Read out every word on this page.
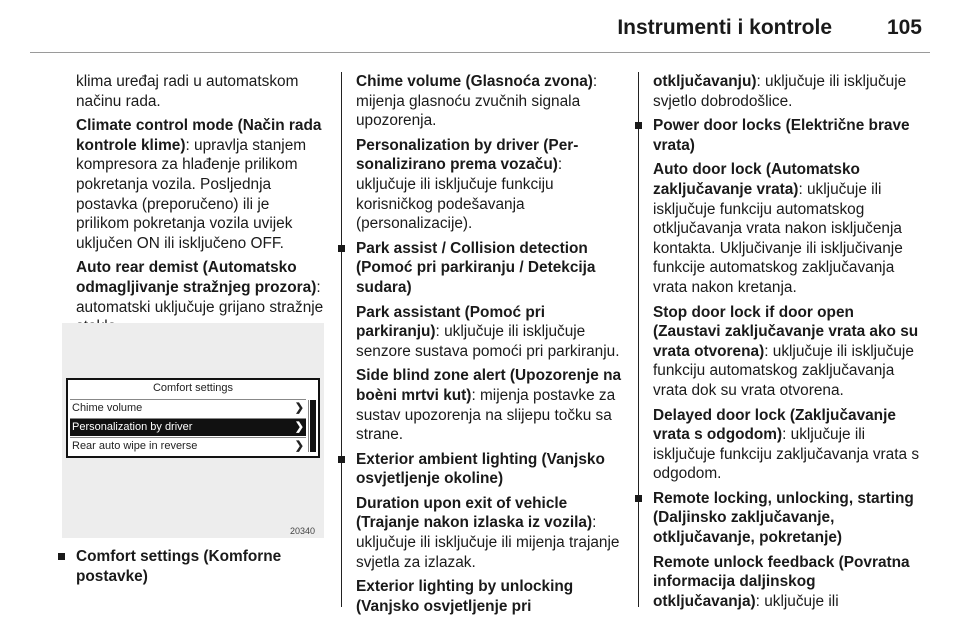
Instrumenti i kontrole	105

klima uređaj radi u automatskom načinu rada.

Climate control mode (Način rada kontrole klime): upravlja stanjem kompresora za hlađenje prilikom pokretanja vozila. Posljednja postavka (preporučeno) ili je prilikom pokretanja vozila uvijek uključen ON ili isključeno OFF.

Auto rear demist (Automatsko odmagljivanje stražnjeg prozora): automatski uključuje grijano stražnje

Comfort settings
Chime volume	❯
Personalization by driver	❯
Rear auto wipe in reverse	❯
20340
Comfort settings (Komforne postavke)

Chime volume (Glasnoća zvona): mijenja glasnoću zvučnih signala upozorenja.

Personalization by driver (Per-sonalizirano prema vozaču): uključuje ili isključuje funkciju korisničkog podešavanja (personalizacije).

Park assist / Collision detection (Pomoć pri parkiranju / Detekcija sudara)

Park assistant (Pomoć pri parkiranju): uključuje ili isključuje senzore sustava pomoći pri parkiranju.

Side blind zone alert (Upozorenje na boèni mrtvi kut): mijenja postavke za sustav upozorenja na slijepu točku sa strane.

Exterior ambient lighting (Vanjsko osvjetljenje okoline)

Duration upon exit of vehicle (Trajanje nakon izlaska iz vozila): uključuje ili isključuje ili mijenja trajanje svjetla za izlazak.

Exterior lighting by unlocking (Vanjsko osvjetljenje pri

otključavanju): uključuje ili isključuje svjetlo dobrodošlice.

Power door locks (Električne brave vrata)

Auto door lock (Automatsko zaključavanje vrata): uključuje ili isključuje funkciju automatskog otključavanja vrata nakon isključenja kontakta. Uključivanje ili isključivanje funkcije automatskog zaključavanja vrata nakon kretanja.

Stop door lock if door open (Zaustavi zaključavanje vrata ako su vrata otvorena): uključuje ili isključuje funkciju automatskog zaključavanja vrata dok su vrata otvorena.

Delayed door lock (Zaključavanje vrata s odgodom): uključuje ili isključuje funkciju zaključavanja vrata s odgodom.

Remote locking, unlocking, starting (Daljinsko zaključavanje, otključavanje, pokretanje)

Remote unlock feedback (Povratna informacija daljinskog otključavanja): uključuje ili
